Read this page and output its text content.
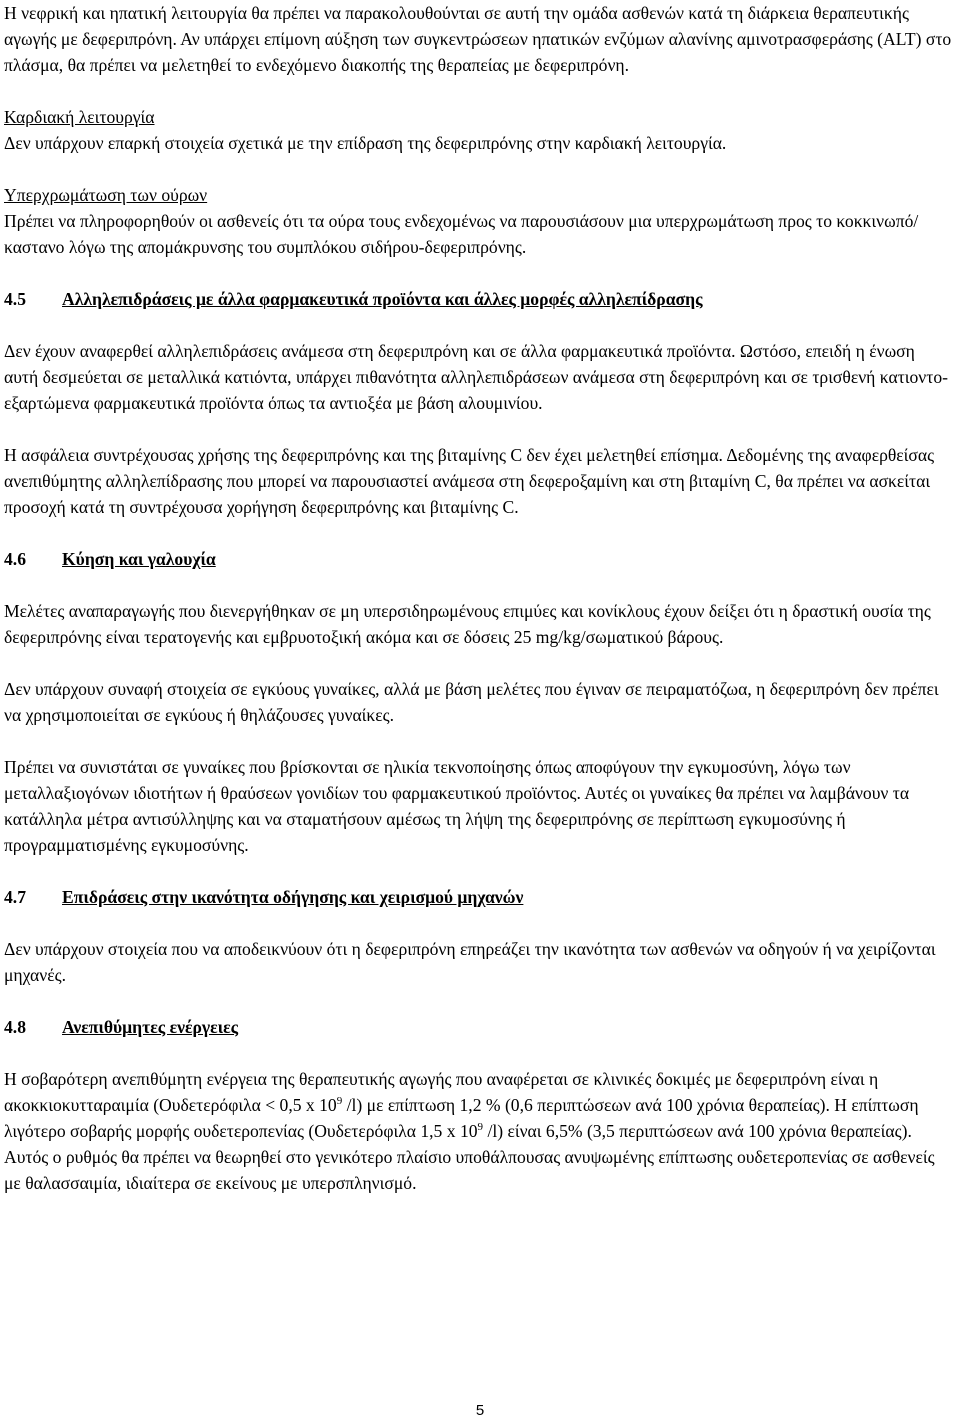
Η νεφρική και ηπατική λειτουργία θα πρέπει να παρακολουθούνται σε αυτή την ομάδα ασθενών κατά τη διάρκεια θεραπευτικής αγωγής με δεφεριπρόνη. Αν υπάρχει επίμονη αύξηση των συγκεντρώσεων ηπατικών ενζύμων αλανίνης αμινοτρασφεράσης (ALT) στο πλάσμα, θα πρέπει να μελετηθεί το ενδεχόμενο διακοπής της θεραπείας με δεφεριπρόνη.

Καρδιακή λειτουργία

Δεν υπάρχουν επαρκή στοιχεία σχετικά με την επίδραση της δεφεριπρόνης στην καρδιακή λειτουργία.

Υπερχρωμάτωση των ούρων

Πρέπει να πληροφορηθούν οι ασθενείς ότι τα ούρα τους ενδεχομένως να παρουσιάσουν μια υπερχρωμάτωση προς το κοκκινωπό/καστανο λόγω της απομάκρυνσης του συμπλόκου σιδήρου-δεφεριπρόνης.

4.5	Αλληλεπιδράσεις με άλλα φαρμακευτικά προϊόντα και άλλες μορφές αλληλεπίδρασης

Δεν έχουν αναφερθεί αλληλεπιδράσεις ανάμεσα στη δεφεριπρόνη και σε άλλα φαρμακευτικά προϊόντα. Ωστόσο, επειδή η ένωση αυτή δεσμεύεται σε μεταλλικά κατιόντα, υπάρχει πιθανότητα αλληλεπιδράσεων ανάμεσα στη δεφεριπρόνη και σε τρισθενή κατιοντο-εξαρτώμενα φαρμακευτικά προϊόντα όπως τα αντιοξέα με βάση αλουμινίου.

Η ασφάλεια συντρέχουσας χρήσης της δεφεριπρόνης και της βιταμίνης C δεν έχει μελετηθεί επίσημα. Δεδομένης της αναφερθείσας ανεπιθύμητης αλληλεπίδρασης που μπορεί να παρουσιαστεί ανάμεσα στη δεφεροξαμίνη και στη βιταμίνη C, θα πρέπει να ασκείται προσοχή κατά τη συντρέχουσα χορήγηση δεφεριπρόνης και βιταμίνης C.

4.6	Κύηση και γαλουχία

Μελέτες αναπαραγωγής που διενεργήθηκαν σε μη υπερσιδηρωμένους επιμύες και κονίκλους έχουν δείξει ότι η δραστική ουσία της δεφεριπρόνης είναι τερατογενής και εμβρυοτοξική ακόμα και σε δόσεις 25 mg/kg/σωματικού βάρους.

Δεν υπάρχουν συναφή στοιχεία σε εγκύους γυναίκες, αλλά με βάση μελέτες που έγιναν σε πειραματόζωα, η δεφεριπρόνη δεν πρέπει να χρησιμοποιείται σε εγκύους ή θηλάζουσες γυναίκες.

Πρέπει να συνιστάται σε γυναίκες που βρίσκονται σε ηλικία τεκνοποίησης όπως αποφύγουν την εγκυμοσύνη, λόγω των μεταλλαξιογόνων ιδιοτήτων ή θραύσεων γονιδίων του φαρμακευτικού προϊόντος. Αυτές οι γυναίκες θα πρέπει να λαμβάνουν τα κατάλληλα μέτρα αντισύλληψης και να σταματήσουν αμέσως τη λήψη της δεφεριπρόνης σε περίπτωση εγκυμοσύνης ή προγραμματισμένης εγκυμοσύνης.

4.7	Επιδράσεις στην ικανότητα οδήγησης και χειρισμού μηχανών

Δεν υπάρχουν στοιχεία που να αποδεικνύουν ότι η δεφεριπρόνη επηρεάζει την ικανότητα των ασθενών να οδηγούν ή να χειρίζονται μηχανές.

4.8	Ανεπιθύμητες ενέργειες

Η σοβαρότερη ανεπιθύμητη ενέργεια της θεραπευτικής αγωγής που αναφέρεται σε κλινικές δοκιμές με δεφεριπρόνη είναι η ακοκκιοκυτταραιμία (Ουδετερόφιλα < 0,5 x $10^9$ /l) με επίπτωση 1,2 % (0,6 περιπτώσεων ανά 100 χρόνια θεραπείας). Η επίπτωση λιγότερο σοβαρής μορφής ουδετεροπενίας (Ουδετερόφιλα 1,5 x $10^9$ /l) είναι 6,5% (3,5 περιπτώσεων ανά 100 χρόνια θεραπείας). Αυτός ο ρυθμός θα πρέπει να θεωρηθεί στο γενικότερο πλαίσιο υποθάλπουσας ανυψωμένης επίπτωσης ουδετεροπενίας σε ασθενείς με θαλασσαιμία, ιδιαίτερα σε εκείνους με υπερσπληνισμό.

5
